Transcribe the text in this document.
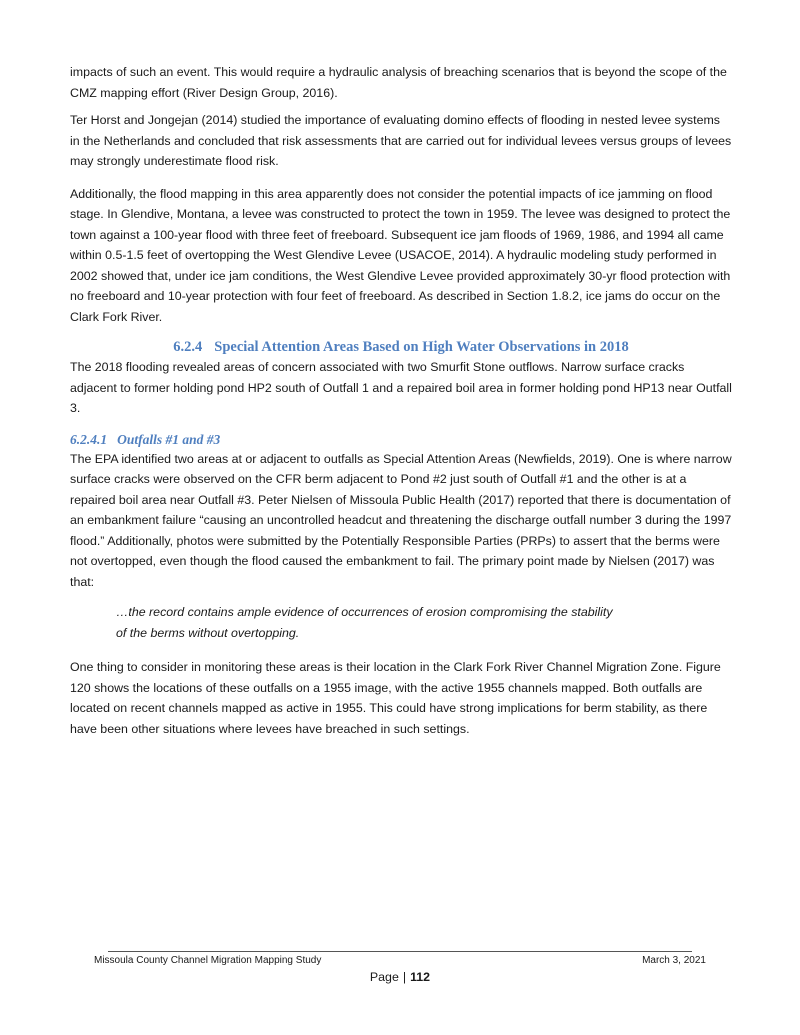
impacts of such an event. This would require a hydraulic analysis of breaching scenarios that is beyond the scope of the CMZ mapping effort (River Design Group, 2016).

Ter Horst and Jongejan (2014) studied the importance of evaluating domino effects of flooding in nested levee systems in the Netherlands and concluded that risk assessments that are carried out for individual levees versus groups of levees may strongly underestimate flood risk.

Additionally, the flood mapping in this area apparently does not consider the potential impacts of ice jamming on flood stage. In Glendive, Montana, a levee was constructed to protect the town in 1959. The levee was designed to protect the town against a 100-year flood with three feet of freeboard. Subsequent ice jam floods of 1969, 1986, and 1994 all came within 0.5-1.5 feet of overtopping the West Glendive Levee (USACOE, 2014). A hydraulic modeling study performed in 2002 showed that, under ice jam conditions, the West Glendive Levee provided approximately 30-yr flood protection with no freeboard and 10-year protection with four feet of freeboard. As described in Section 1.8.2, ice jams do occur on the Clark Fork River.

6.2.4 Special Attention Areas Based on High Water Observations in 2018

The 2018 flooding revealed areas of concern associated with two Smurfit Stone outflows. Narrow surface cracks adjacent to former holding pond HP2 south of Outfall 1 and a repaired boil area in former holding pond HP13 near Outfall 3.

6.2.4.1 Outfalls #1 and #3

The EPA identified two areas at or adjacent to outfalls as Special Attention Areas (Newfields, 2019). One is where narrow surface cracks were observed on the CFR berm adjacent to Pond #2 just south of Outfall #1 and the other is at a repaired boil area near Outfall #3. Peter Nielsen of Missoula Public Health (2017) reported that there is documentation of an embankment failure “causing an uncontrolled headcut and threatening the discharge outfall number 3 during the 1997 flood.” Additionally, photos were submitted by the Potentially Responsible Parties (PRPs) to assert that the berms were not overtopped, even though the flood caused the embankment to fail. The primary point made by Nielsen (2017) was that:

…the record contains ample evidence of occurrences of erosion compromising the stability of the berms without overtopping.

One thing to consider in monitoring these areas is their location in the Clark Fork River Channel Migration Zone. Figure 120 shows the locations of these outfalls on a 1955 image, with the active 1955 channels mapped. Both outfalls are located on recent channels mapped as active in 1955. This could have strong implications for berm stability, as there have been other situations where levees have breached in such settings.

Missoula County Channel Migration Mapping Study	March 3, 2021
Page | 112
